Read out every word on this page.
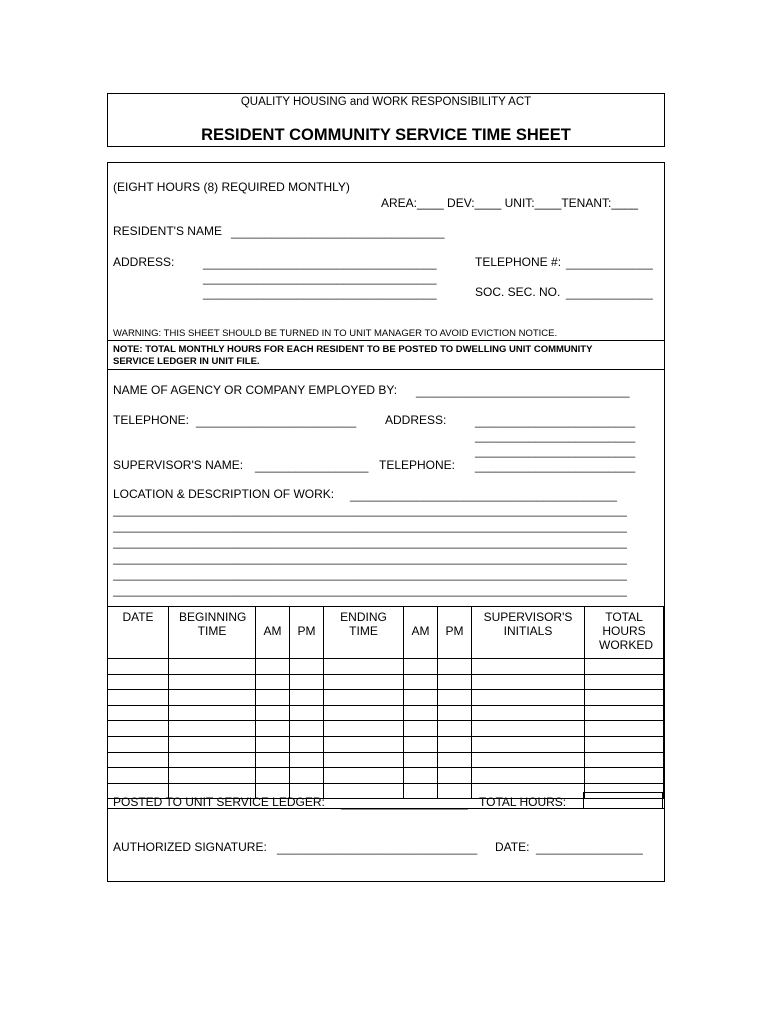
QUALITY HOUSING and WORK RESPONSIBILITY ACT
RESIDENT COMMUNITY SERVICE TIME SHEET
(EIGHT HOURS (8) REQUIRED MONTHLY)
AREA:____ DEV:____ UNIT:____TENANT:____
RESIDENT'S NAME ________________________________
ADDRESS: ___________________________________
___________________________________
___________________________________
TELEPHONE #: _____________
SOC. SEC. NO. _____________
WARNING: THIS SHEET SHOULD BE TURNED IN TO UNIT MANAGER TO AVOID EVICTION NOTICE.
NOTE: TOTAL MONTHLY HOURS FOR EACH RESIDENT TO BE POSTED TO DWELLING UNIT COMMUNITY
SERVICE LEDGER IN UNIT FILE.
NAME OF AGENCY OR COMPANY EMPLOYED BY: ________________________________
TELEPHONE: ________________________ ADDRESS: ________________________
________________________
________________________
________________________
SUPERVISOR'S NAME: _________________ TELEPHONE:
LOCATION & DESCRIPTION OF WORK: ________________________________________
_____________________________________________________________________________
_____________________________________________________________________________
_____________________________________________________________________________
_____________________________________________________________________________
_____________________________________________________________________________
_____________________________________________________________________________
DATE	BEGINNING TIME	AM	PM	ENDING TIME	AM	PM	SUPERVISOR'S INITIALS	TOTAL HOURS WORKED

POSTED TO UNIT SERVICE LEDGER: ___________________ TOTAL HOURS:
AUTHORIZED SIGNATURE: ______________________________ DATE: ________________
